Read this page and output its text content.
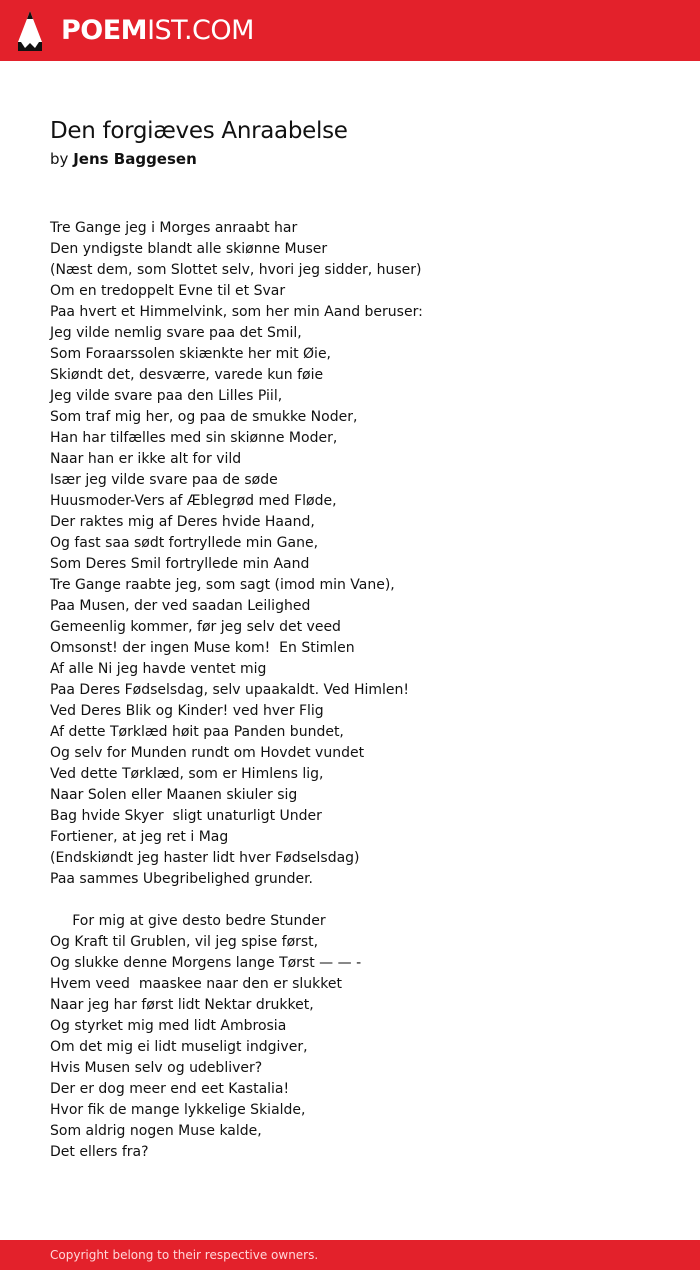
POEMIST.COM
Den forgiæves Anraabelse
by Jens Baggesen
Tre Gange jeg i Morges anraabt har
Den yndigste blandt alle skiønne Muser
(Næst dem, som Slottet selv, hvori jeg sidder, huser)
Om en tredoppelt Evne til et Svar
Paa hvert et Himmelvink, som her min Aand beruser:
Jeg vilde nemlig svare paa det Smil,
Som Foraarssolen skiænkte her mit Øie,
Skiøndt det, desværre, varede kun føie
Jeg vilde svare paa den Lilles Piil,
Som traf mig her, og paa de smukke Noder,
Han har tilfælles med sin skiønne Moder,
Naar han er ikke alt for vild
Især jeg vilde svare paa de søde
Huusmoder-Vers af Æblegrød med Fløde,
Der raktes mig af Deres hvide Haand,
Og fast saa sødt fortryllede min Gane,
Som Deres Smil fortryllede min Aand
Tre Gange raabte jeg, som sagt (imod min Vane),
Paa Musen, der ved saadan Leilighed
Gemeenlig kommer, før jeg selv det veed
Omsonst! der ingen Muse kom!  En Stimlen
Af alle Ni jeg havde ventet mig
Paa Deres Fødselsdag, selv upaakaldt. Ved Himlen!
Ved Deres Blik og Kinder! ved hver Flig
Af dette Tørklæd høit paa Panden bundet,
Og selv for Munden rundt om Hovdet vundet
Ved dette Tørklæd, som er Himlens lig,
Naar Solen eller Maanen skiuler sig
Bag hvide Skyer  sligt unaturligt Under
Fortiener, at jeg ret i Mag
(Endskiøndt jeg haster lidt hver Fødselsdag)
Paa sammes Ubegribelighed grunder.
For mig at give desto bedre Stunder
Og Kraft til Grublen, vil jeg spise først,
Og slukke denne Morgens lange Tørst — — -
Hvem veed  maaskee naar den er slukket
Naar jeg har først lidt Nektar drukket,
Og styrket mig med lidt Ambrosia
Om det mig ei lidt museligt indgiver,
Hvis Musen selv og udebliver?
Der er dog meer end eet Kastalia!
Hvor fik de mange lykkelige Skialde,
Som aldrig nogen Muse kalde,
Det ellers fra?
Copyright belong to their respective owners.
